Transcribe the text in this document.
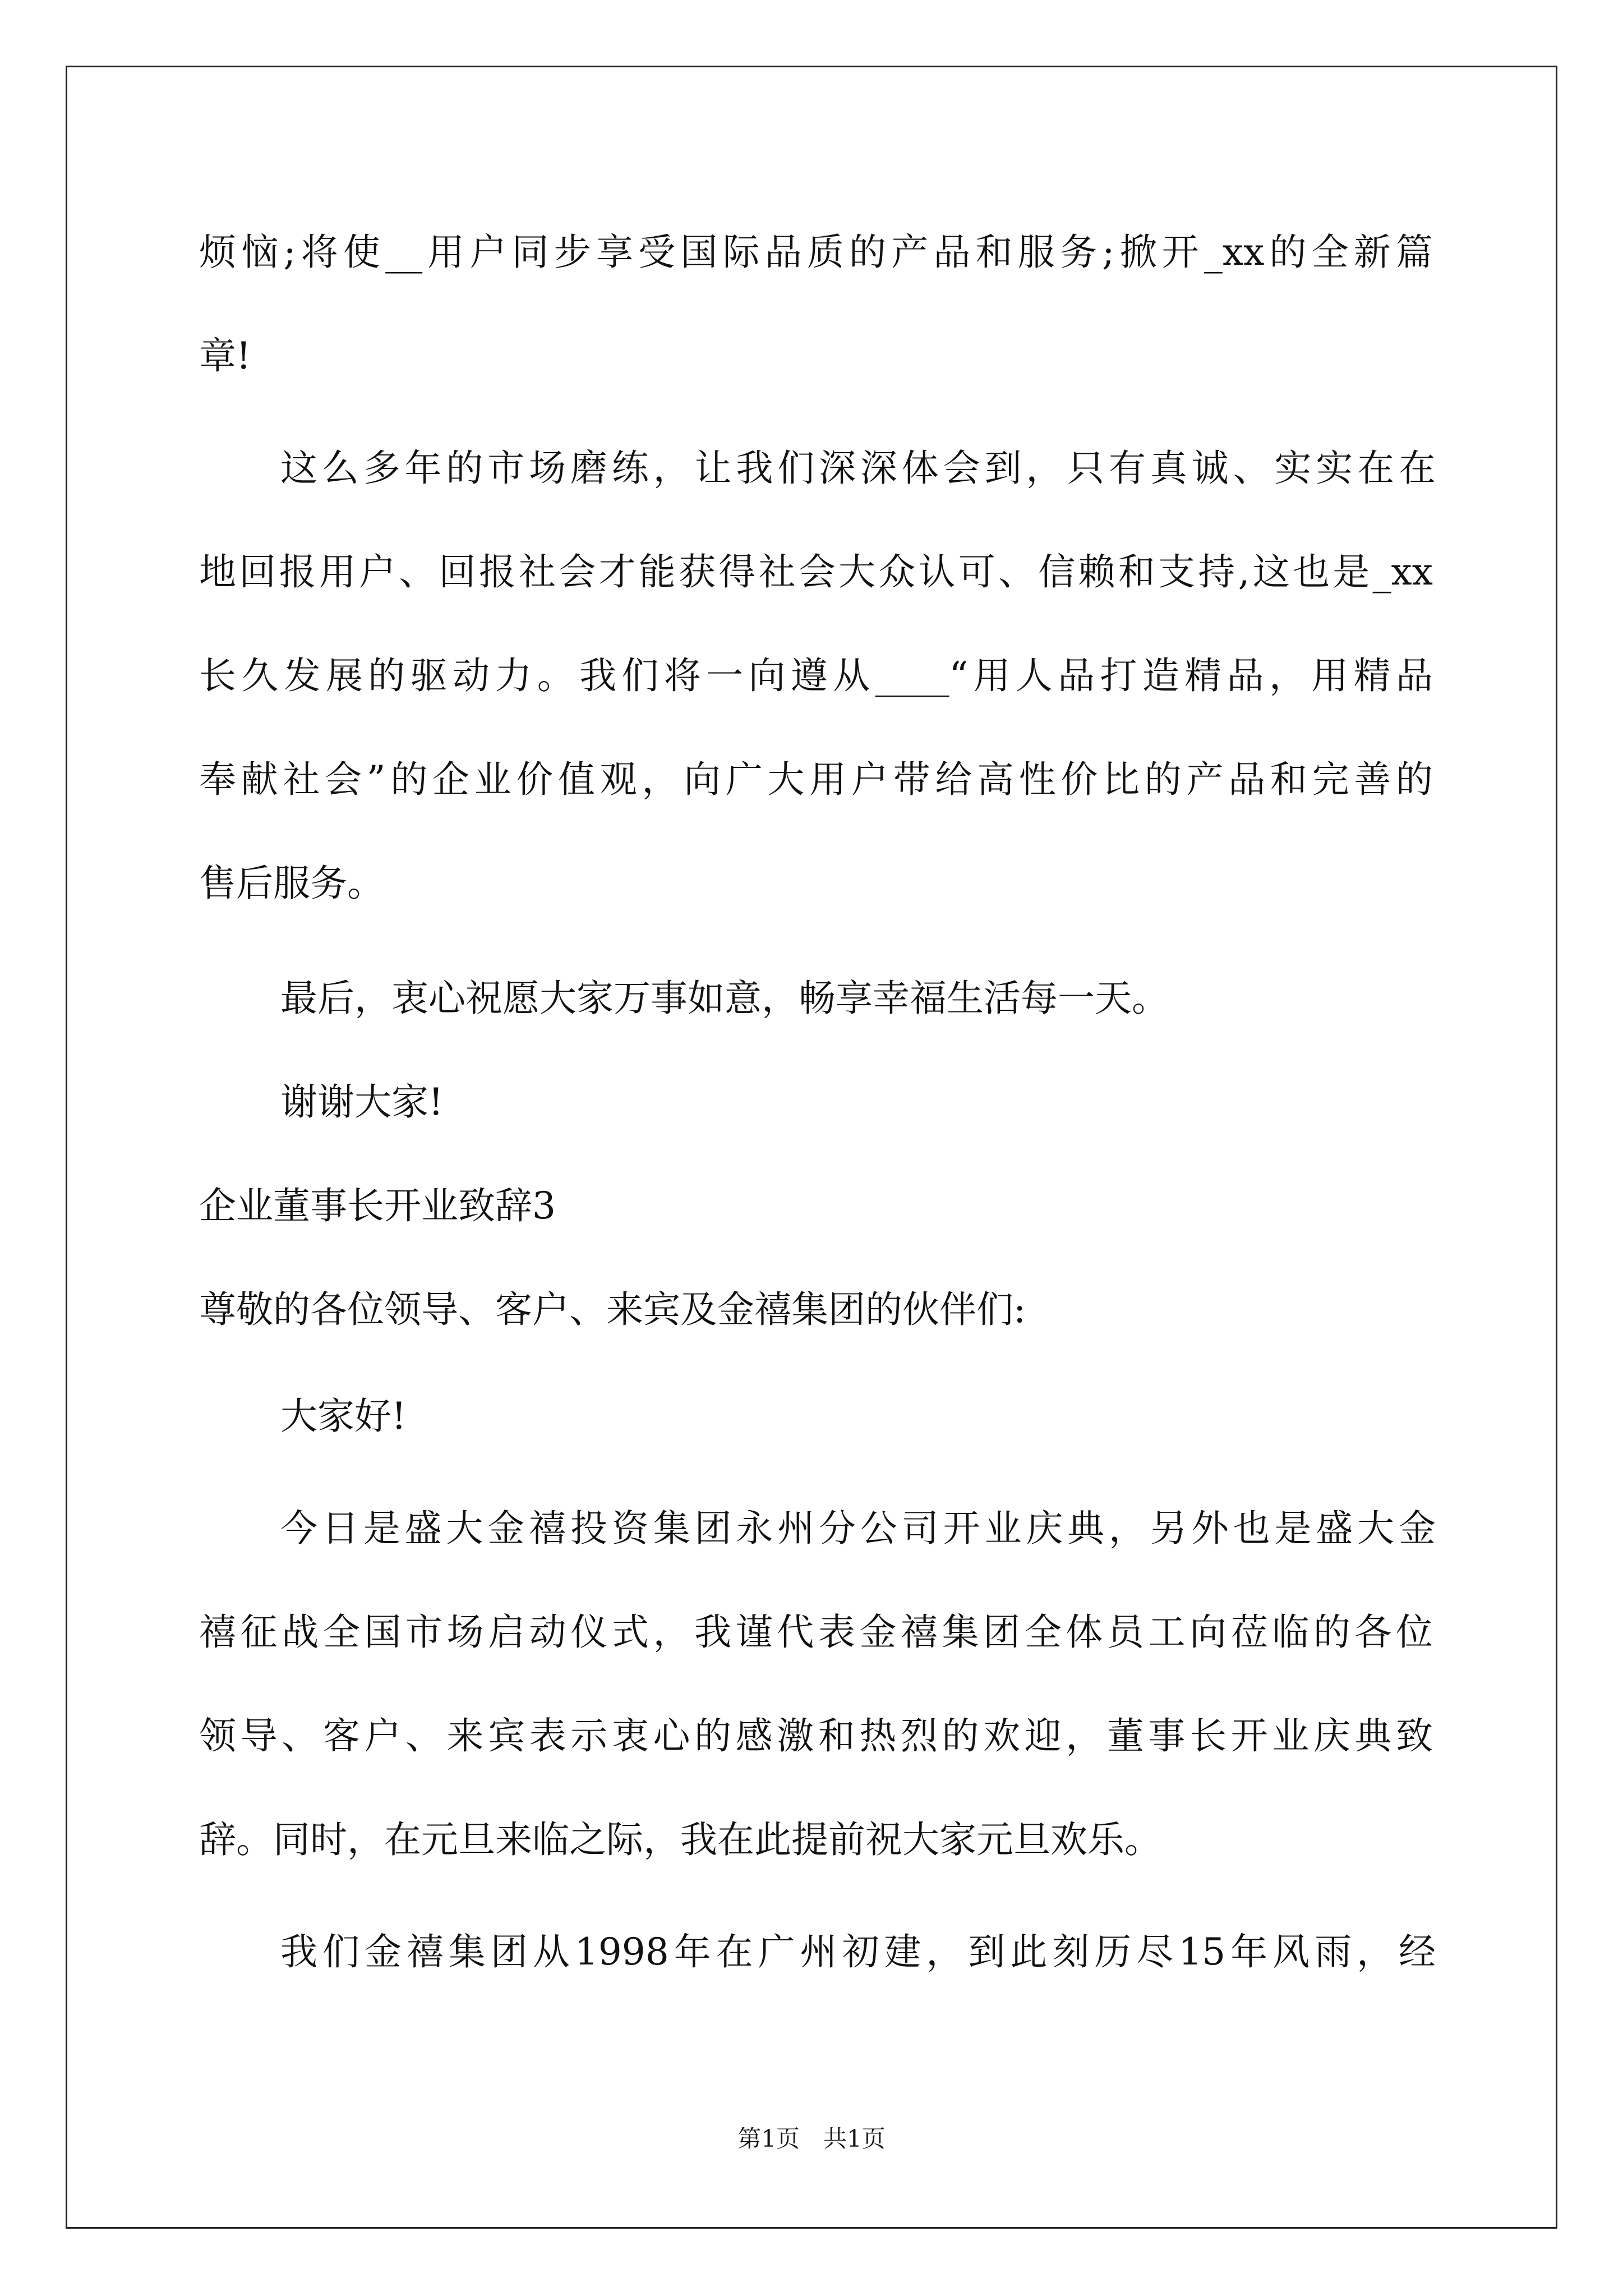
烦恼;将使__用户同步享受国际品质的产品和服务;掀开_xx的全新篇

章!

这么多年的市场磨练，让我们深深体会到，只有真诚、实实在在

地回报用户、回报社会才能获得社会大众认可、信赖和支持,这也是_xx

长久发展的驱动力。我们将一向遵从____“用人品打造精品，用精品

奉献社会”的企业价值观，向广大用户带给高性价比的产品和完善的

售后服务。

最后，衷心祝愿大家万事如意，畅享幸福生活每一天。

谢谢大家!

企业董事长开业致辞3

尊敬的各位领导、客户、来宾及金禧集团的伙伴们:

大家好!

今日是盛大金禧投资集团永州分公司开业庆典，另外也是盛大金

禧征战全国市场启动仪式，我谨代表金禧集团全体员工向莅临的各位

领导、客户、来宾表示衷心的感激和热烈的欢迎，董事长开业庆典致

辞。同时，在元旦来临之际，我在此提前祝大家元旦欢乐。

我们金禧集团从1998年在广州初建，到此刻历尽15年风雨，经

第1页　共1页
